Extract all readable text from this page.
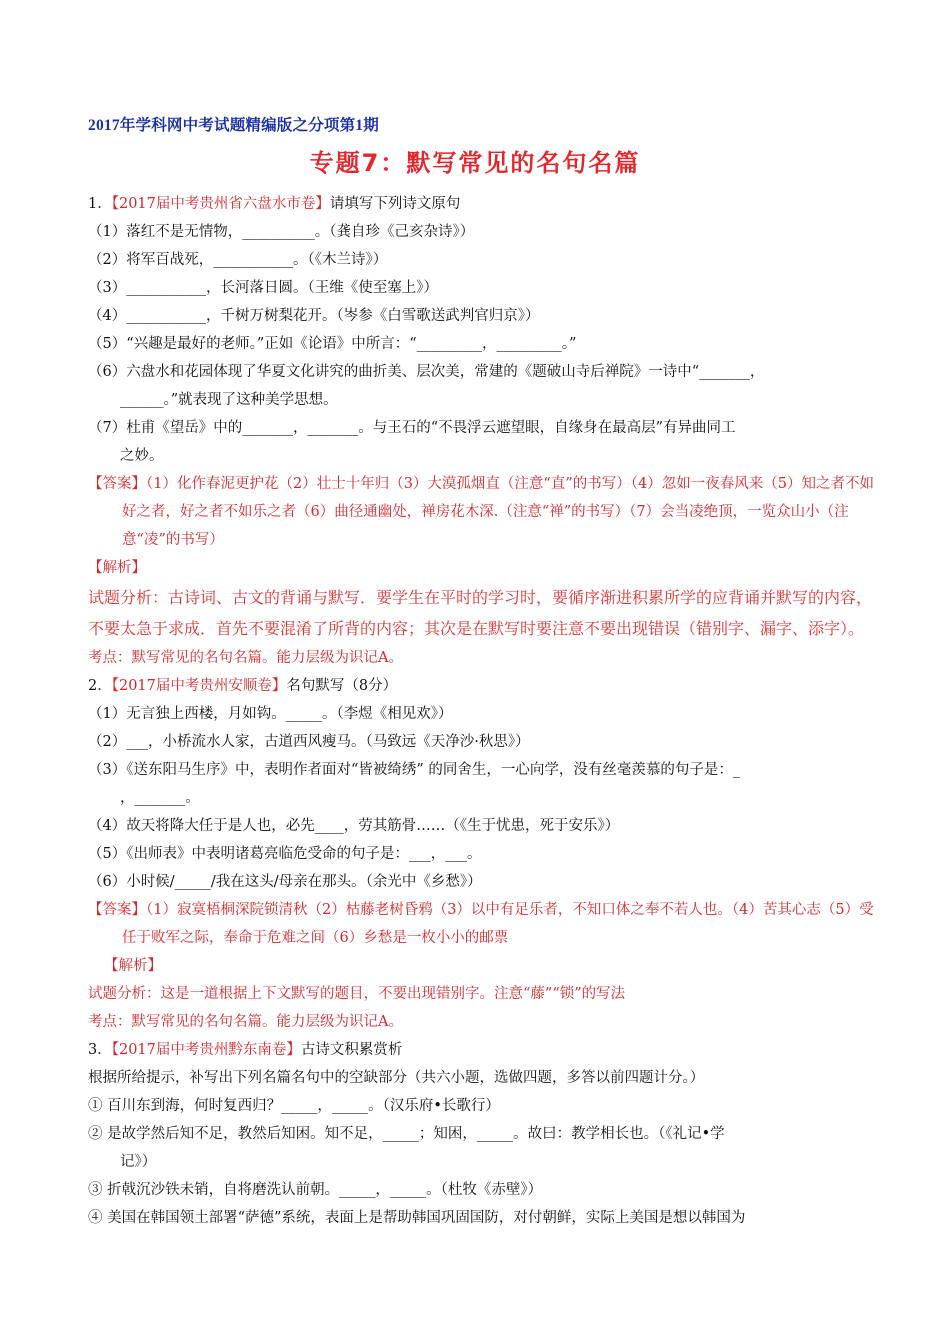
2017年学科网中考试题精编版之分项第1期
专题7：默写常见的名句名篇
1．【2017届中考贵州省六盘水市卷】请填写下列诗文原句
（1）落红不是无情物，__________。（龚自珍《己亥杂诗》）
（2）将军百战死，___________。（《木兰诗》）
（3）___________，长河落日圆。（王维《使至塞上》）
（4）___________，千树万树梨花开。（岑参《白雪歌送武判官归京》）
（5）“兴趣是最好的老师。”正如《论语》中所言：“_________，_________。”
（6）六盘水和花园体现了华夏文化讲究的曲折美、层次美，常建的《题破山寺后禅院》一诗中“_______，
______。”就表现了这种美学思想。
（7）杜甫《望岳》中的_______，_______。与王石的“不畏浮云遮望眼，自缘身在最高层”有异曲同工
之妙。
【答案】（1）化作春泥更护花（2）壮士十年归（3）大漠孤烟直（注意“直”的书写）（4）忽如一夜春风来（5）知之者不如好之者，好之者不如乐之者（6）曲径通幽处，禅房花木深.（注意“禅”的书写）（7）会当凌绝顶，一览众山小（注意“凌”的书写）
【解析】
试题分析：古诗词、古文的背诵与默写．要学生在平时的学习时，要循序渐进积累所学的应背诵并默写的内容，不要太急于求成．首先不要混淆了所背的内容；其次是在默写时要注意不要出现错误（错别字、漏字、添字）。
考点：默写常见的名句名篇。能力层级为识记A。
2．【2017届中考贵州安顺卷】名句默写（8分）
（1）无言独上西楼，月如钩。_____。（李煜《相见欢》）
（2）___，小桥流水人家，古道西风瘦马。（马致远《天净沙·秋思》）
（3）《送东阳马生序》中，表明作者面对“皆被绮绣” 的同舍生，一心向学，没有丝毫羡慕的句子是：_
，_______。
（4）故天将降大任于是人也，必先____，劳其筋骨……（《生于忧患，死于安乐》）
（5）《出师表》中表明诸葛亮临危受命的句子是：___，___。
（6）小时候/_____/我在这头/母亲在那头。（余光中《乡愁》）
【答案】（1）寂寞梧桐深院锁清秋（2）枯藤老树昏鸦（3）以中有足乐者，不知口体之奉不若人也。（4）苦其心志（5）受任于败军之际，奉命于危难之间（6）乡愁是一枚小小的邮票
【解析】
试题分析：这是一道根据上下文默写的题目，不要出现错别字。注意“藤”“锁”的写法
考点：默写常见的名句名篇。能力层级为识记A。
3．【2017届中考贵州黔东南卷】古诗文积累赏析
根据所给提示，补写出下列名篇名句中的空缺部分（共六小题，选做四题，多答以前四题计分。）
① 百川东到海，何时复西归？_____，_____。（汉乐府•长歌行）
② 是故学然后知不足，教然后知困。知不足，_____；知困，_____。故曰：教学相长也。（《礼记•学
记》）
③ 折戟沉沙铁未销，自将磨洗认前朝。_____，_____。（杜牧《赤壁》）
④ 美国在韩国领土部署“萨德”系统，表面上是帮助韩国巩固国防，对付朝鲜，实际上美国是想以韩国为
